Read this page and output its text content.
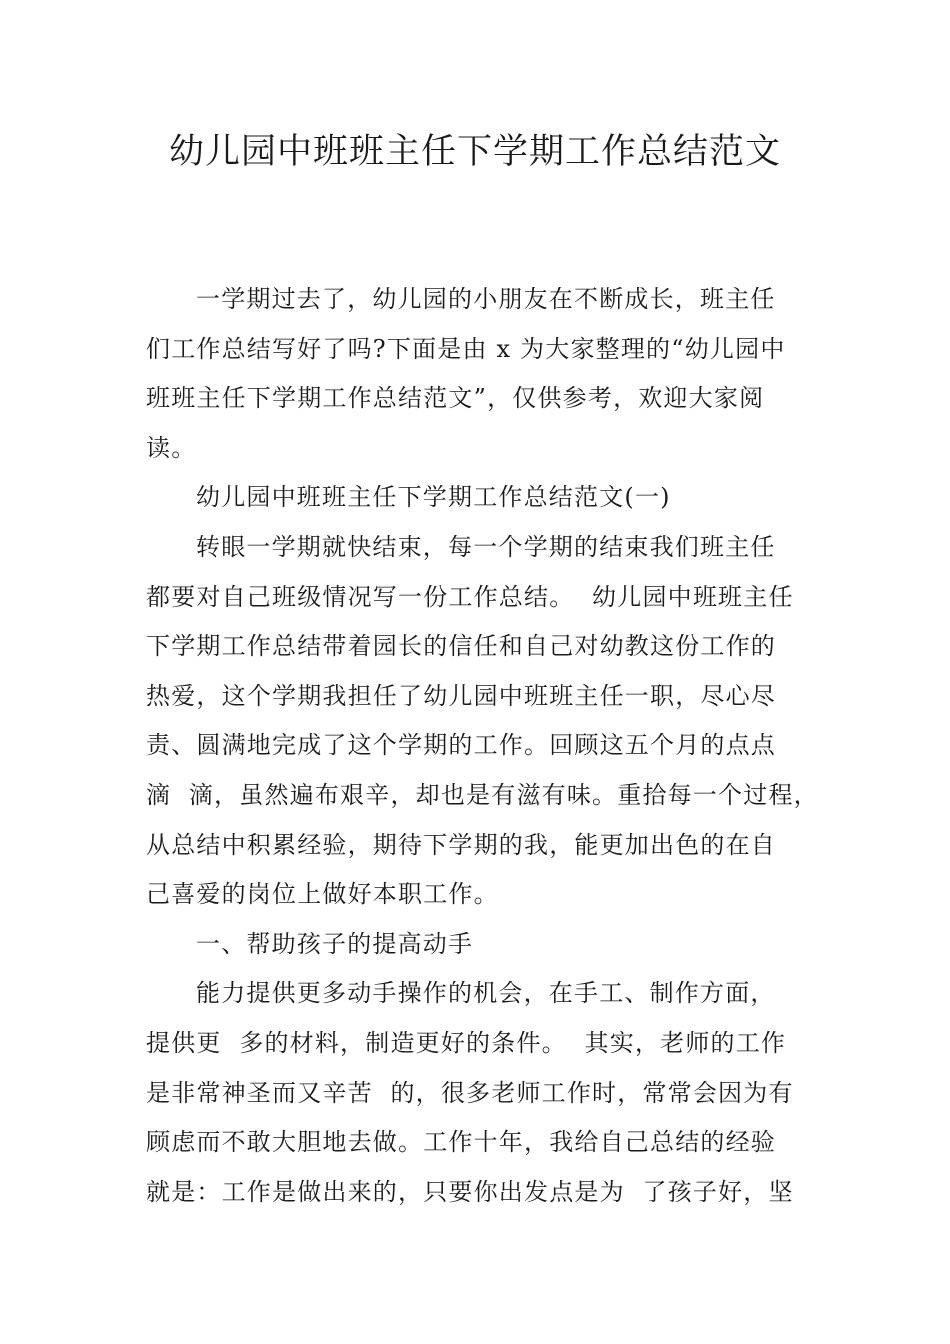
幼儿园中班班主任下学期工作总结范文
一学期过去了，幼儿园的小朋友在不断成长，班主任
们工作总结写好了吗?下面是由 x 为大家整理的“幼儿园中
班班主任下学期工作总结范文”，仅供参考，欢迎大家阅
读。
幼儿园中班班主任下学期工作总结范文(一)
转眼一学期就快结束，每一个学期的结束我们班主任
都要对自己班级情况写一份工作总结。  幼儿园中班班主任
下学期工作总结带着园长的信任和自己对幼教这份工作的
热爱，这个学期我担任了幼儿园中班班主任一职，尽心尽
责、圆满地完成了这个学期的工作。回顾这五个月的点点
滴  滴，虽然遍布艰辛，却也是有滋有味。重拾每一个过程，
从总结中积累经验，期待下学期的我，能更加出色的在自
己喜爱的岗位上做好本职工作。
一、帮助孩子的提高动手
能力提供更多动手操作的机会，在手工、制作方面，
提供更  多的材料，制造更好的条件。  其实，老师的工作
是非常神圣而又辛苦  的，很多老师工作时，常常会因为有
顾虑而不敢大胆地去做。工作十年，我给自己总结的经验
就是：工作是做出来的，只要你出发点是为  了孩子好，坚
